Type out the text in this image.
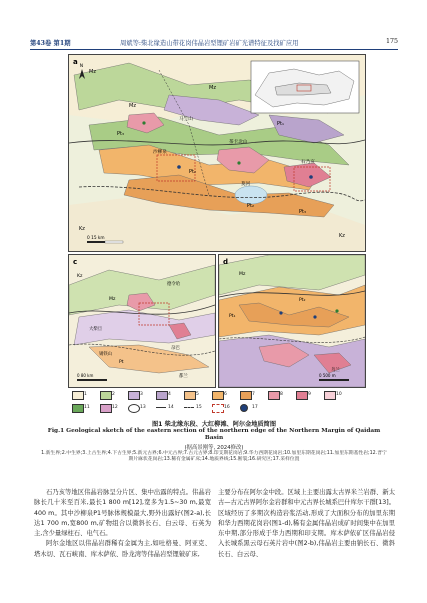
第43卷 第1期	周斌等:柴北缘造山带花岗伟晶岩型锂矿岩矿光谱特征及找矿应用	175
Mz
Pt₃
Pt₂
Kz
Mz
Pt₁
Pt₂
Pt₃
沙柳泉
茶卡北山
莫河
石乃亥
Kz
Mz
马兰山
N
0 15 km
a
Kz
Mz
Pt
德令哈
大柴旦
尕巴
锡铁山
都兰
0 80 km
c
Mz
Pt₁
Pt₂
乌兰
0 500 m
d
1	2	3	4	5	6	7	8	9	10
11	12	13	14	15	16	17
图1 柴北缘东段、大红柳滩、阿尔金地质简图
Fig.1 Geological sketch of the eastern section of the northern edge of the Northern Margin of Qaidam Basin
(据高景刚等, 2024修改)
1.新生界;2.中生界;3.上古生界;4.下古生界;5.新元古界;6.中元古界;7.古元古界;8.印支期花岗岩;9.华力西期花岗岩;10.加里东期花岗岩;11.加里东期基性岩;12.晋宁期片麻状花岗岩;13.稀有金属矿床;14.地质界线;15.断裂;16.研究区;17.采样位置

石乃亥等地区伟晶岩脉呈分片区、集中出露的特点。伟晶岩脉长几十米至百米,最长1 800 m[12],宽多为1.5~30 m,最宽400 m。其中沙柳泉P1号脉体规模最大,野外出露好(图2-a),长达1 700 m,宽800 m,矿物组合以微斜长石、白云母、石英为主,含少量绿柱石、电气石。

阿尔金地区以伟晶岩群稀有金属为主,如吐格曼、阿亚克、塔木切、瓦石峡南、库木萨依、卧龙湾等伟晶岩型锂铍矿床,

主要分布在阿尔金中段。区域上主要出露太古界米兰岩群、新太古—古元古界阿尔金岩群和中元古界长城系巴什库尔干群[13]。区域经历了多期次构造岩浆活动,形成了大面积分布的加里东期和华力西期花岗岩(图1-d),稀有金属伟晶岩成矿时间集中在加里东中期,部分形成于华力西期和印支期。库木萨依矿区伟晶岩侵入长城系黑云母石英片岩中(图2-b),伟晶岩主要由钠长石、微斜长石、白云母、
